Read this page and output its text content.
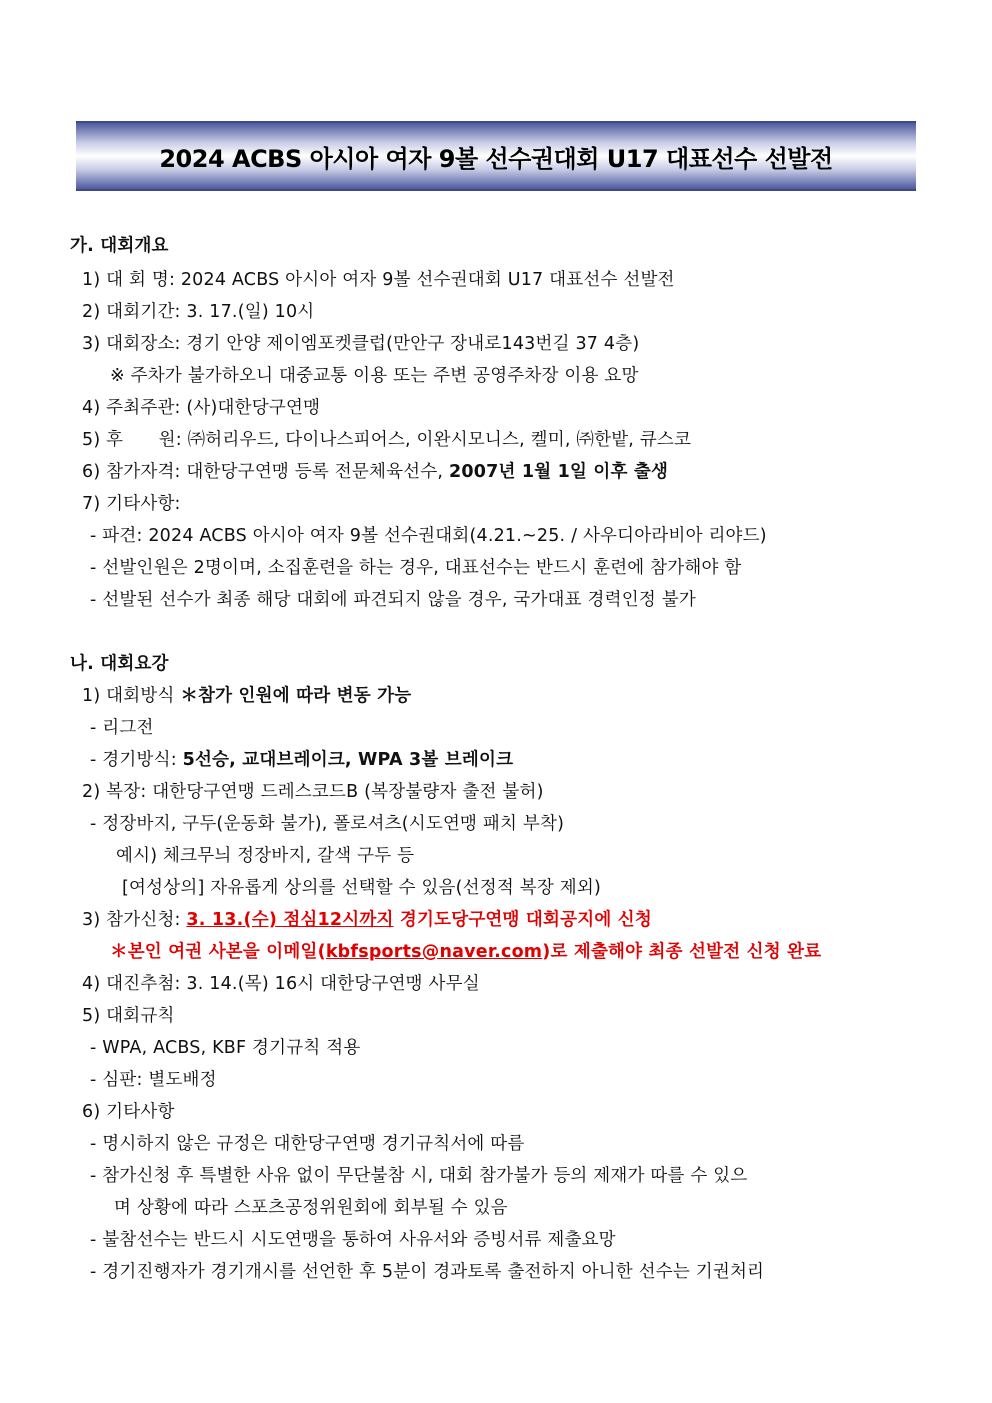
2024 ACBS 아시아 여자 9볼 선수권대회 U17 대표선수 선발전
가. 대회개요
1) 대 회 명: 2024 ACBS 아시아 여자 9볼 선수권대회 U17 대표선수 선발전
2) 대회기간: 3. 17.(일) 10시
3) 대회장소: 경기 안양 제이엠포켓클럽(만안구 장내로143번길 37 4층)
※ 주차가 불가하오니 대중교통 이용 또는 주변 공영주차장 이용 요망
4) 주최주관: (사)대한당구연맹
5) 후　　원: ㈜허리우드, 다이나스피어스, 이완시모니스, 켈미, ㈜한밭, 큐스코
6) 참가자격: 대한당구연맹 등록 전문체육선수, 2007년 1월 1일 이후 출생
7) 기타사항:
- 파견: 2024 ACBS 아시아 여자 9볼 선수권대회(4.21.~25. / 사우디아라비아 리야드)
- 선발인원은 2명이며, 소집훈련을 하는 경우, 대표선수는 반드시 훈련에 참가해야 함
- 선발된 선수가 최종 해당 대회에 파견되지 않을 경우, 국가대표 경력인정 불가
나. 대회요강
1) 대회방식 ＊참가 인원에 따라 변동 가능
- 리그전
- 경기방식: 5선승, 교대브레이크, WPA 3볼 브레이크
2) 복장: 대한당구연맹 드레스코드B (복장불량자 출전 불허)
- 정장바지, 구두(운동화 불가), 폴로셔츠(시도연맹 패치 부착)
예시) 체크무늬 정장바지, 갈색 구두 등
[여성상의] 자유롭게 상의를 선택할 수 있음(선정적 복장 제외)
3) 참가신청: 3. 13.(수) 점심12시까지 경기도당구연맹 대회공지에 신청
＊본인 여권 사본을 이메일(kbfsports@naver.com)로 제출해야 최종 선발전 신청 완료
4) 대진추첨: 3. 14.(목) 16시 대한당구연맹 사무실
5) 대회규칙
- WPA, ACBS, KBF 경기규칙 적용
- 심판: 별도배정
6) 기타사항
- 명시하지 않은 규정은 대한당구연맹 경기규칙서에 따름
- 참가신청 후 특별한 사유 없이 무단불참 시, 대회 참가불가 등의 제재가 따를 수 있으
며 상황에 따라 스포츠공정위원회에 회부될 수 있음
- 불참선수는 반드시 시도연맹을 통하여 사유서와 증빙서류 제출요망
- 경기진행자가 경기개시를 선언한 후 5분이 경과토록 출전하지 아니한 선수는 기권처리
